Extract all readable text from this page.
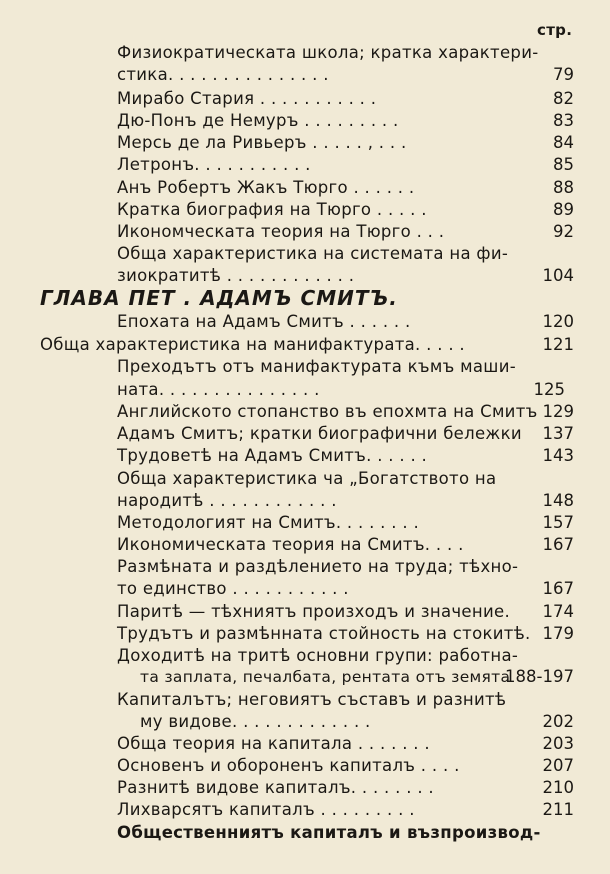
стр.
Физиократическата школа; кратка характери-
стика. . . . . . . . . . . . . . .	79
Мирабо Стария . . . . . . . . . . .	82
Дю-Понъ де Немуръ . . . . . . . . .	83
Мерсь де ла Ривьеръ . . . . . , . . .	84
Летронъ. . . . . . . . . . .	85
Анъ Робертъ Жакъ Тюрго . . . . . .	88
Кратка биография на Тюрго . . . . .	89
Икономческата теория на Тюрго . . .	92
Обща характеристика на системата на фи-
зиократитѣ . . . . . . . . . . . .	104
ГЛАВА ПЕТ . АДАМЪ СМИТЪ.
Епохата на Адамъ Смитъ . . . . . .	120
Обща характеристика на манифактурата. . . . .	121
Преходътъ отъ манифактурата къмъ маши-
ната. . . . . . . . . . . . . . .	125
Английското стопанство въ епохмта на Смитъ 129
Адамъ Смитъ; кратки биографични бележки	137
Трудоветѣ на Адамъ Смитъ. . . . . .	143
Обща характеристика ча „Богатството на
народитѣ . . . . . . . . . . . .	148
Методологият на Смитъ. . . . . . . .	157
Икономическата теория на Смитъ. . . .	167
Размѣната и раздѣлението на труда; тѣхно-
то единство . . . . . . . . . . .	167
Паритѣ — тѣхниятъ произходъ и значение.	174
Трудътъ и размѣнната стойность на стокитѣ. 179
Доходитѣ на тритѣ основни групи: работна-
та заплата, печалбата, рентата отъ земята
188-197
Капиталътъ; неговиятъ съставъ и разнитѣ
му видове. . . . . . . . . . . . .	202
Обща теория на капитала . . . . . . .	203
Основенъ и обороненъ капиталъ . . . .	207
Разнитѣ видове капиталъ. . . . . . . .	210
Лихварсятъ капиталъ . . . . . . . . .	211
Общественниятъ капиталъ и възпроизвод-
